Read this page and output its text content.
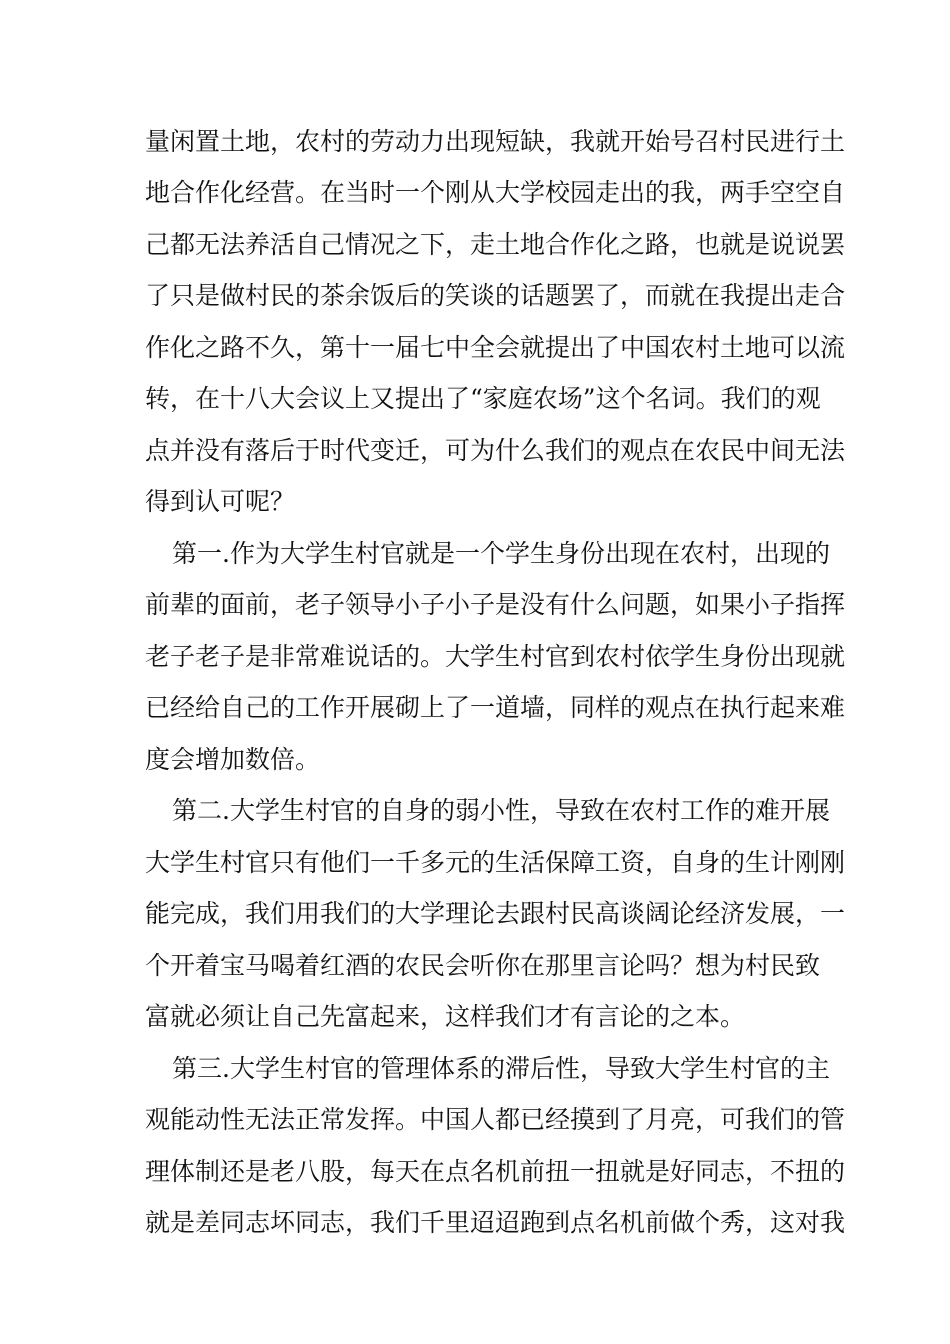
量闲置土地，农村的劳动力出现短缺，我就开始号召村民进行土
地合作化经营。在当时一个刚从大学校园走出的我，两手空空自
己都无法养活自己情况之下，走土地合作化之路，也就是说说罢
了只是做村民的茶余饭后的笑谈的话题罢了，而就在我提出走合
作化之路不久，第十一届七中全会就提出了中国农村土地可以流
转，在十八大会议上又提出了“家庭农场”这个名词。我们的观
点并没有落后于时代变迁，可为什么我们的观点在农民中间无法
得到认可呢？
第一.作为大学生村官就是一个学生身份出现在农村，出现的
前辈的面前，老子领导小子小子是没有什么问题，如果小子指挥
老子老子是非常难说话的。大学生村官到农村依学生身份出现就
已经给自己的工作开展砌上了一道墙，同样的观点在执行起来难
度会增加数倍。
第二.大学生村官的自身的弱小性，导致在农村工作的难开展
大学生村官只有他们一千多元的生活保障工资，自身的生计刚刚
能完成，我们用我们的大学理论去跟村民高谈阔论经济发展，一
个开着宝马喝着红酒的农民会听你在那里言论吗？想为村民致
富就必须让自己先富起来，这样我们才有言论的之本。
第三.大学生村官的管理体系的滞后性，导致大学生村官的主
观能动性无法正常发挥。中国人都已经摸到了月亮，可我们的管
理体制还是老八股，每天在点名机前扭一扭就是好同志，不扭的
就是差同志坏同志，我们千里迢迢跑到点名机前做个秀，这对我
